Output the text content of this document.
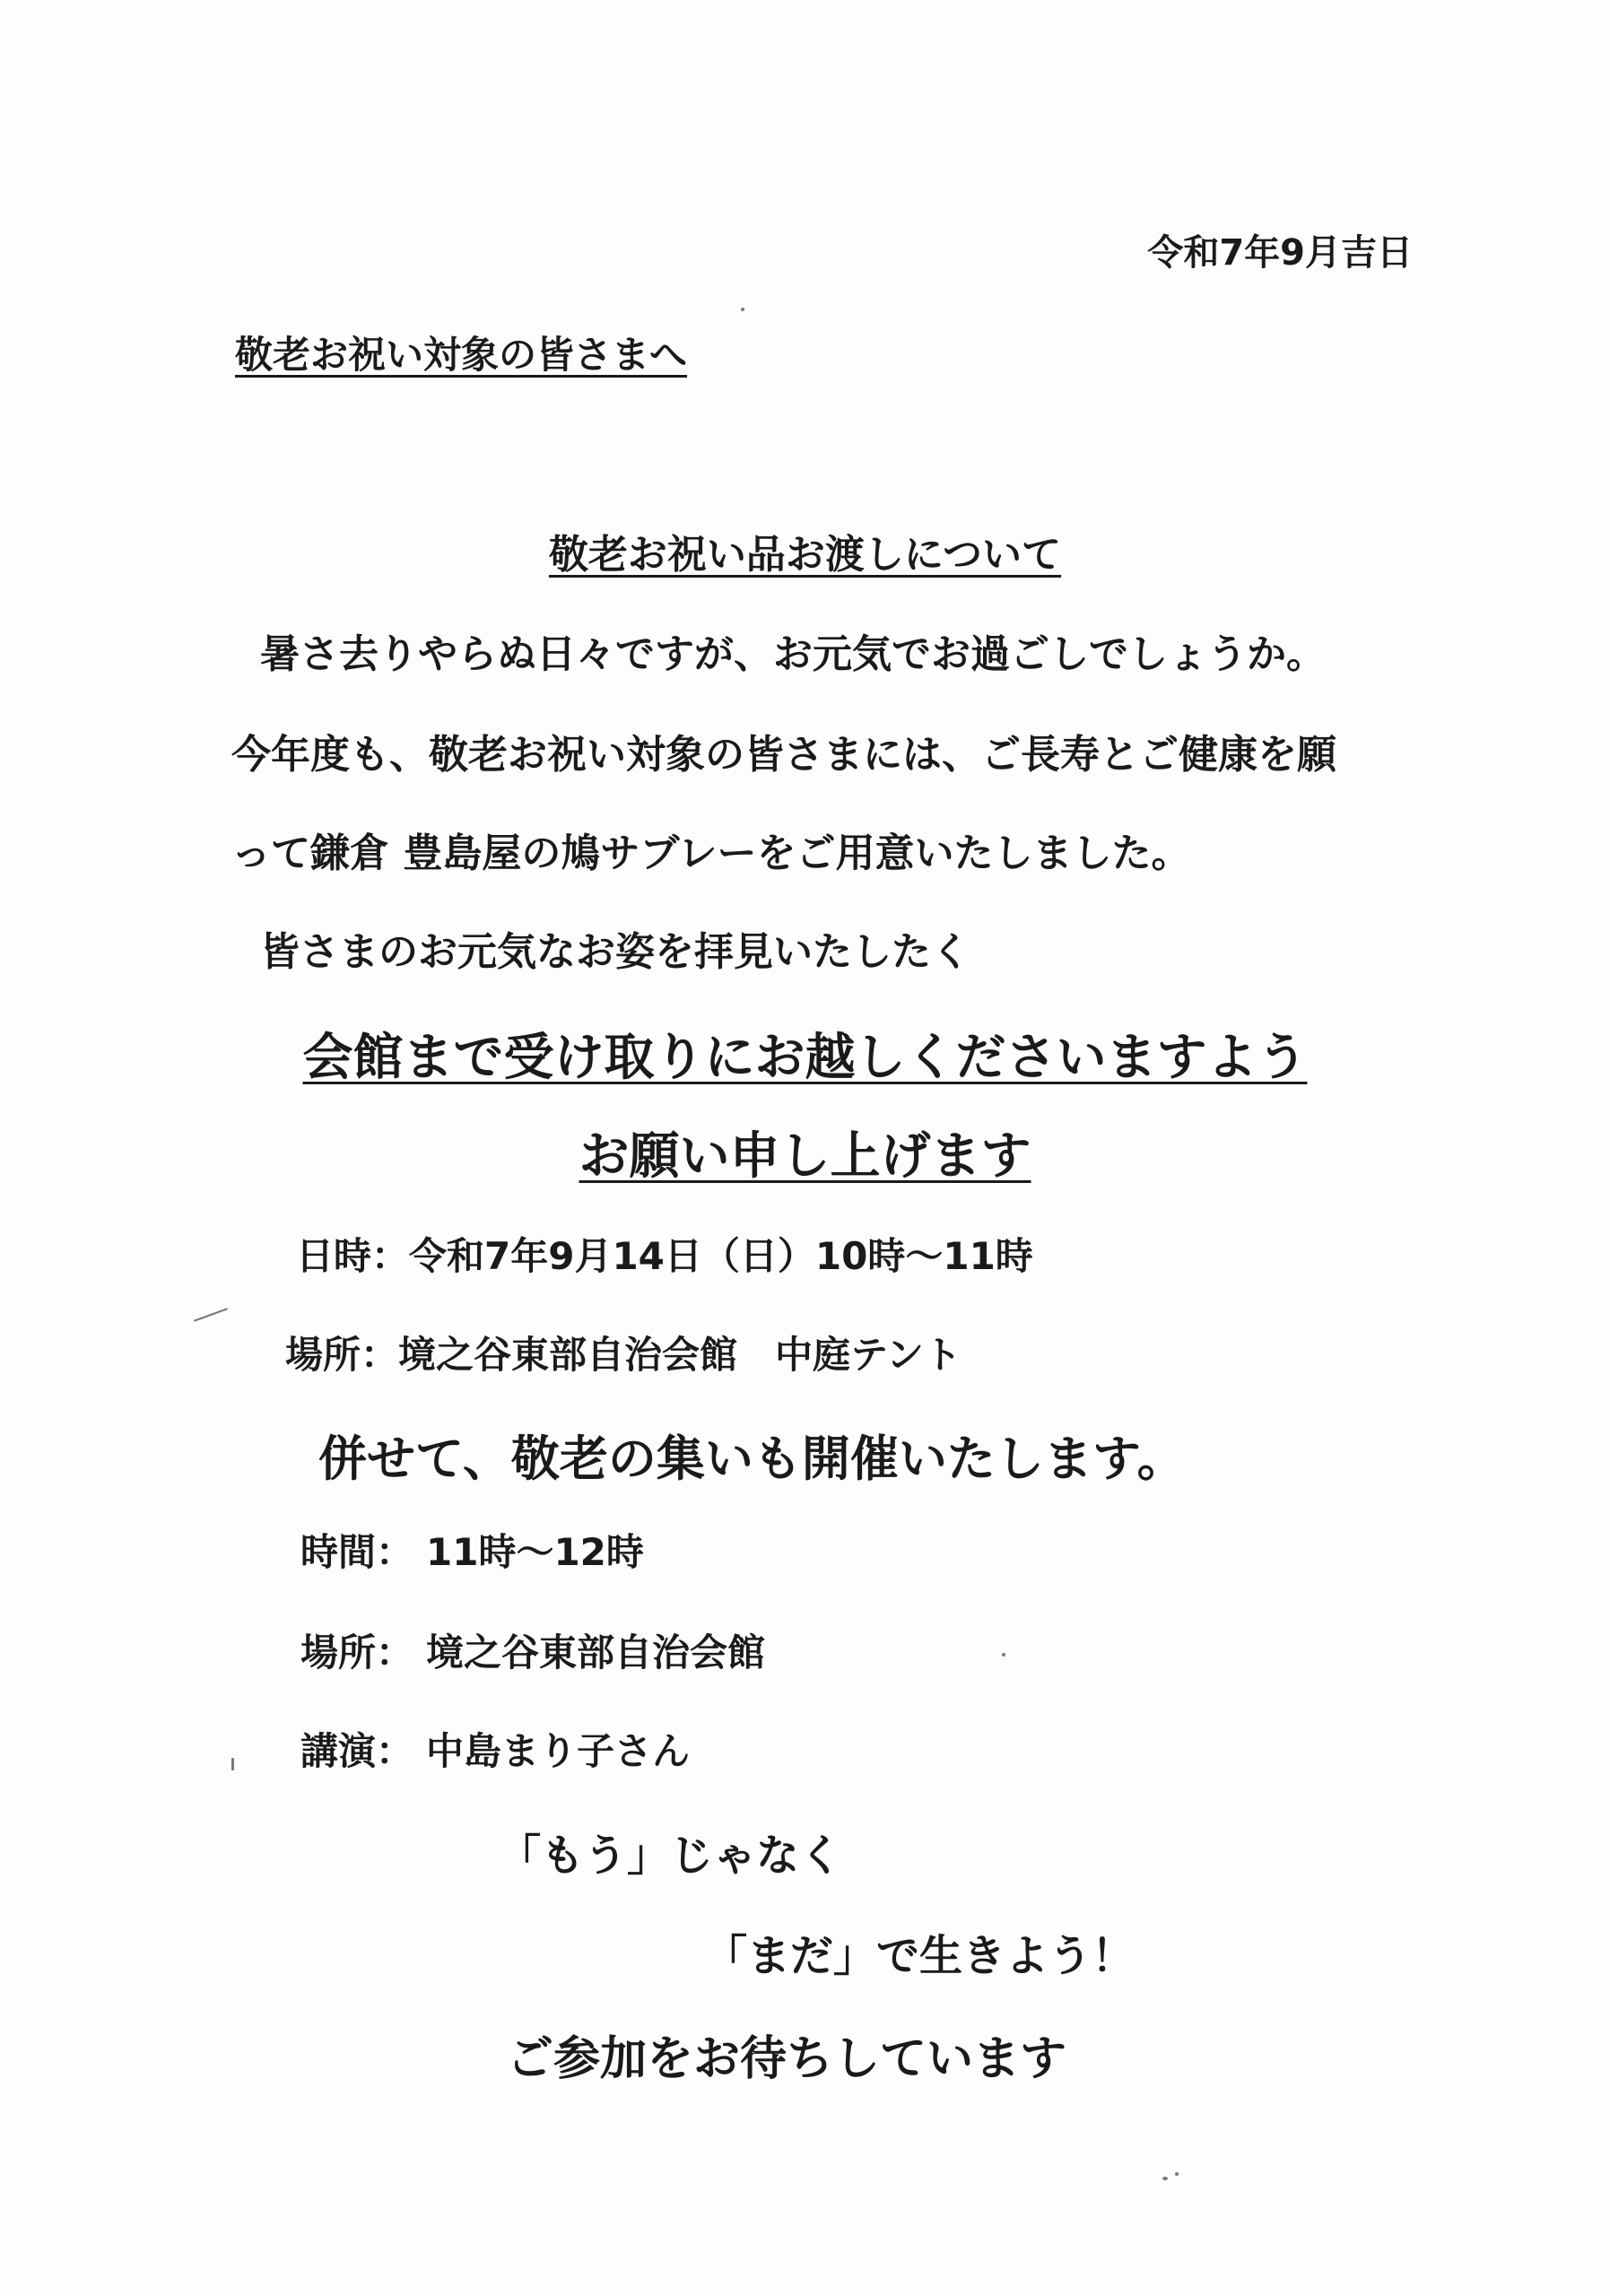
令和7年9月吉日
敬老お祝い対象の皆さまへ
敬老お祝い品お渡しについて
暑さ去りやらぬ日々ですが、お元気でお過ごしでしょうか。
今年度も、敬老お祝い対象の皆さまには、ご長寿とご健康を願
って鎌倉 豊島屋の鳩サブレーをご用意いたしました。
皆さまのお元気なお姿を拝見いたしたく
会館まで受け取りにお越しくださいますよう
お願い申し上げます
日時：令和7年9月14日（日）10時～11時
場所：境之谷東部自治会館　中庭テント
併せて、敬老の集いも開催いたします。
時間： 11時～12時
場所： 境之谷東部自治会館
講演： 中島まり子さん
「もう」じゃなく
「まだ」で生きよう！
ご参加をお待ちしています
